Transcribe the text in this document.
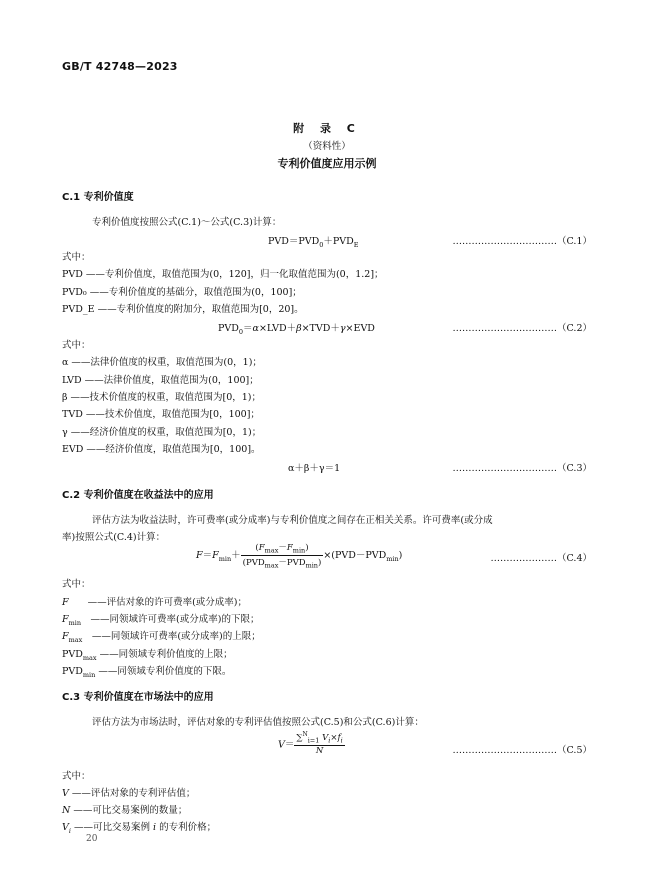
GB/T 42748—2023
附 录 C
（资料性）
专利价值度应用示例
C.1 专利价值度
专利价值度按照公式(C.1)～公式(C.3)计算：
$PVD=PVD_0+PVD_E$	……………………………（C.1）
式中：
PVD ——专利价值度，取值范围为(0，120]，归一化取值范围为(0，1.2]；
PVD₀ ——专利价值度的基础分，取值范围为(0，100]；
PVD_E ——专利价值度的附加分，取值范围为[0，20]。
$PVD_0=\alpha\times LVD+\beta\times TVD+\gamma\times EVD$	……………………………（C.2）
式中：
α ——法律价值度的权重，取值范围为(0，1)；
LVD ——法律价值度，取值范围为(0，100]；
β ——技术价值度的权重，取值范围为[0，1)；
TVD ——技术价值度，取值范围为[0，100]；
γ ——经济价值度的权重，取值范围为[0，1)；
EVD ——经济价值度，取值范围为[0，100]。
α＋β＋γ＝1	……………………………（C.3）
C.2 专利价值度在收益法中的应用
评估方法为收益法时，许可费率(或分成率)与专利价值度之间存在正相关关系。许可费率(或分成
率)按照公式(C.4)计算：
$F=F_{min}+ \frac{(F_{max}-F_{min})}{(PVD_{max}-PVD_{min})} \times(PVD-PVD_{min})$	…………………（C.4）
式中：
F　　——评估对象的许可费率(或分成率)；
$F_{min}$　——同领域许可费率(或分成率)的下限；
$F_{max}$　——同领域许可费率(或分成率)的上限；
$PVD_{max}$ ——同领域专利价值度的上限；
$PVD_{min}$ ——同领域专利价值度的下限。
C.3 专利价值度在市场法中的应用
评估方法为市场法时，评估对象的专利评估值按照公式(C.5)和公式(C.6)计算：
$V= \frac{\sum^N_{i=1} V_i\times f_i}{N}$	……………………………（C.5）
式中：
V ——评估对象的专利评估值；
N ——可比交易案例的数量；
$V_i$ ——可比交易案例 i 的专利价格；
20
